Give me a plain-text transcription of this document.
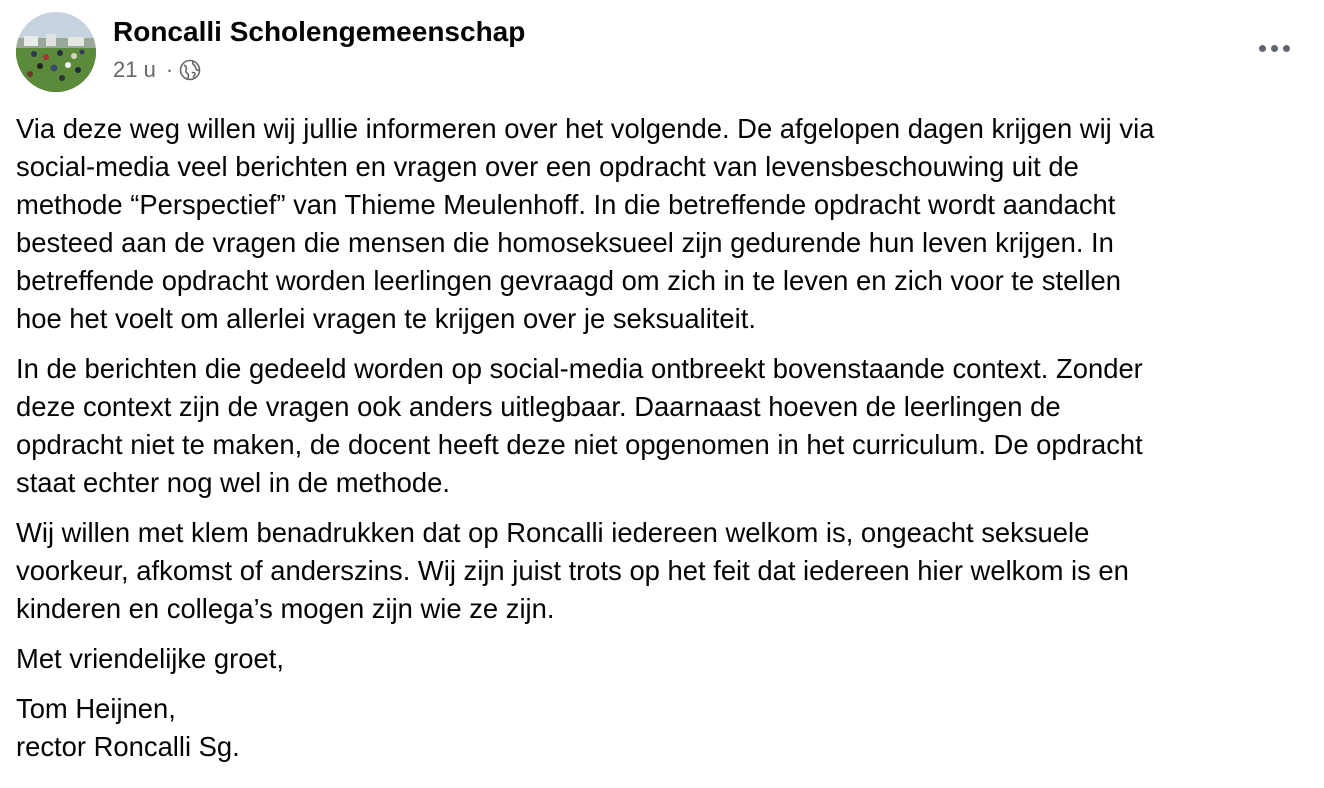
Roncalli Scholengemeenschap
21 u ·

Via deze weg willen wij jullie informeren over het volgende. De afgelopen dagen krijgen wij via
social-media veel berichten en vragen over een opdracht van levensbeschouwing uit de
methode “Perspectief” van Thieme Meulenhoff. In die betreffende opdracht wordt aandacht
besteed aan de vragen die mensen die homoseksueel zijn gedurende hun leven krijgen. In
betreffende opdracht worden leerlingen gevraagd om zich in te leven en zich voor te stellen
hoe het voelt om allerlei vragen te krijgen over je seksualiteit.

In de berichten die gedeeld worden op social-media ontbreekt bovenstaande context. Zonder
deze context zijn de vragen ook anders uitlegbaar. Daarnaast hoeven de leerlingen de
opdracht niet te maken, de docent heeft deze niet opgenomen in het curriculum. De opdracht
staat echter nog wel in de methode.

Wij willen met klem benadrukken dat op Roncalli iedereen welkom is, ongeacht seksuele
voorkeur, afkomst of anderszins. Wij zijn juist trots op het feit dat iedereen hier welkom is en
kinderen en collega’s mogen zijn wie ze zijn.

Met vriendelijke groet,

Tom Heijnen,
rector Roncalli Sg.
